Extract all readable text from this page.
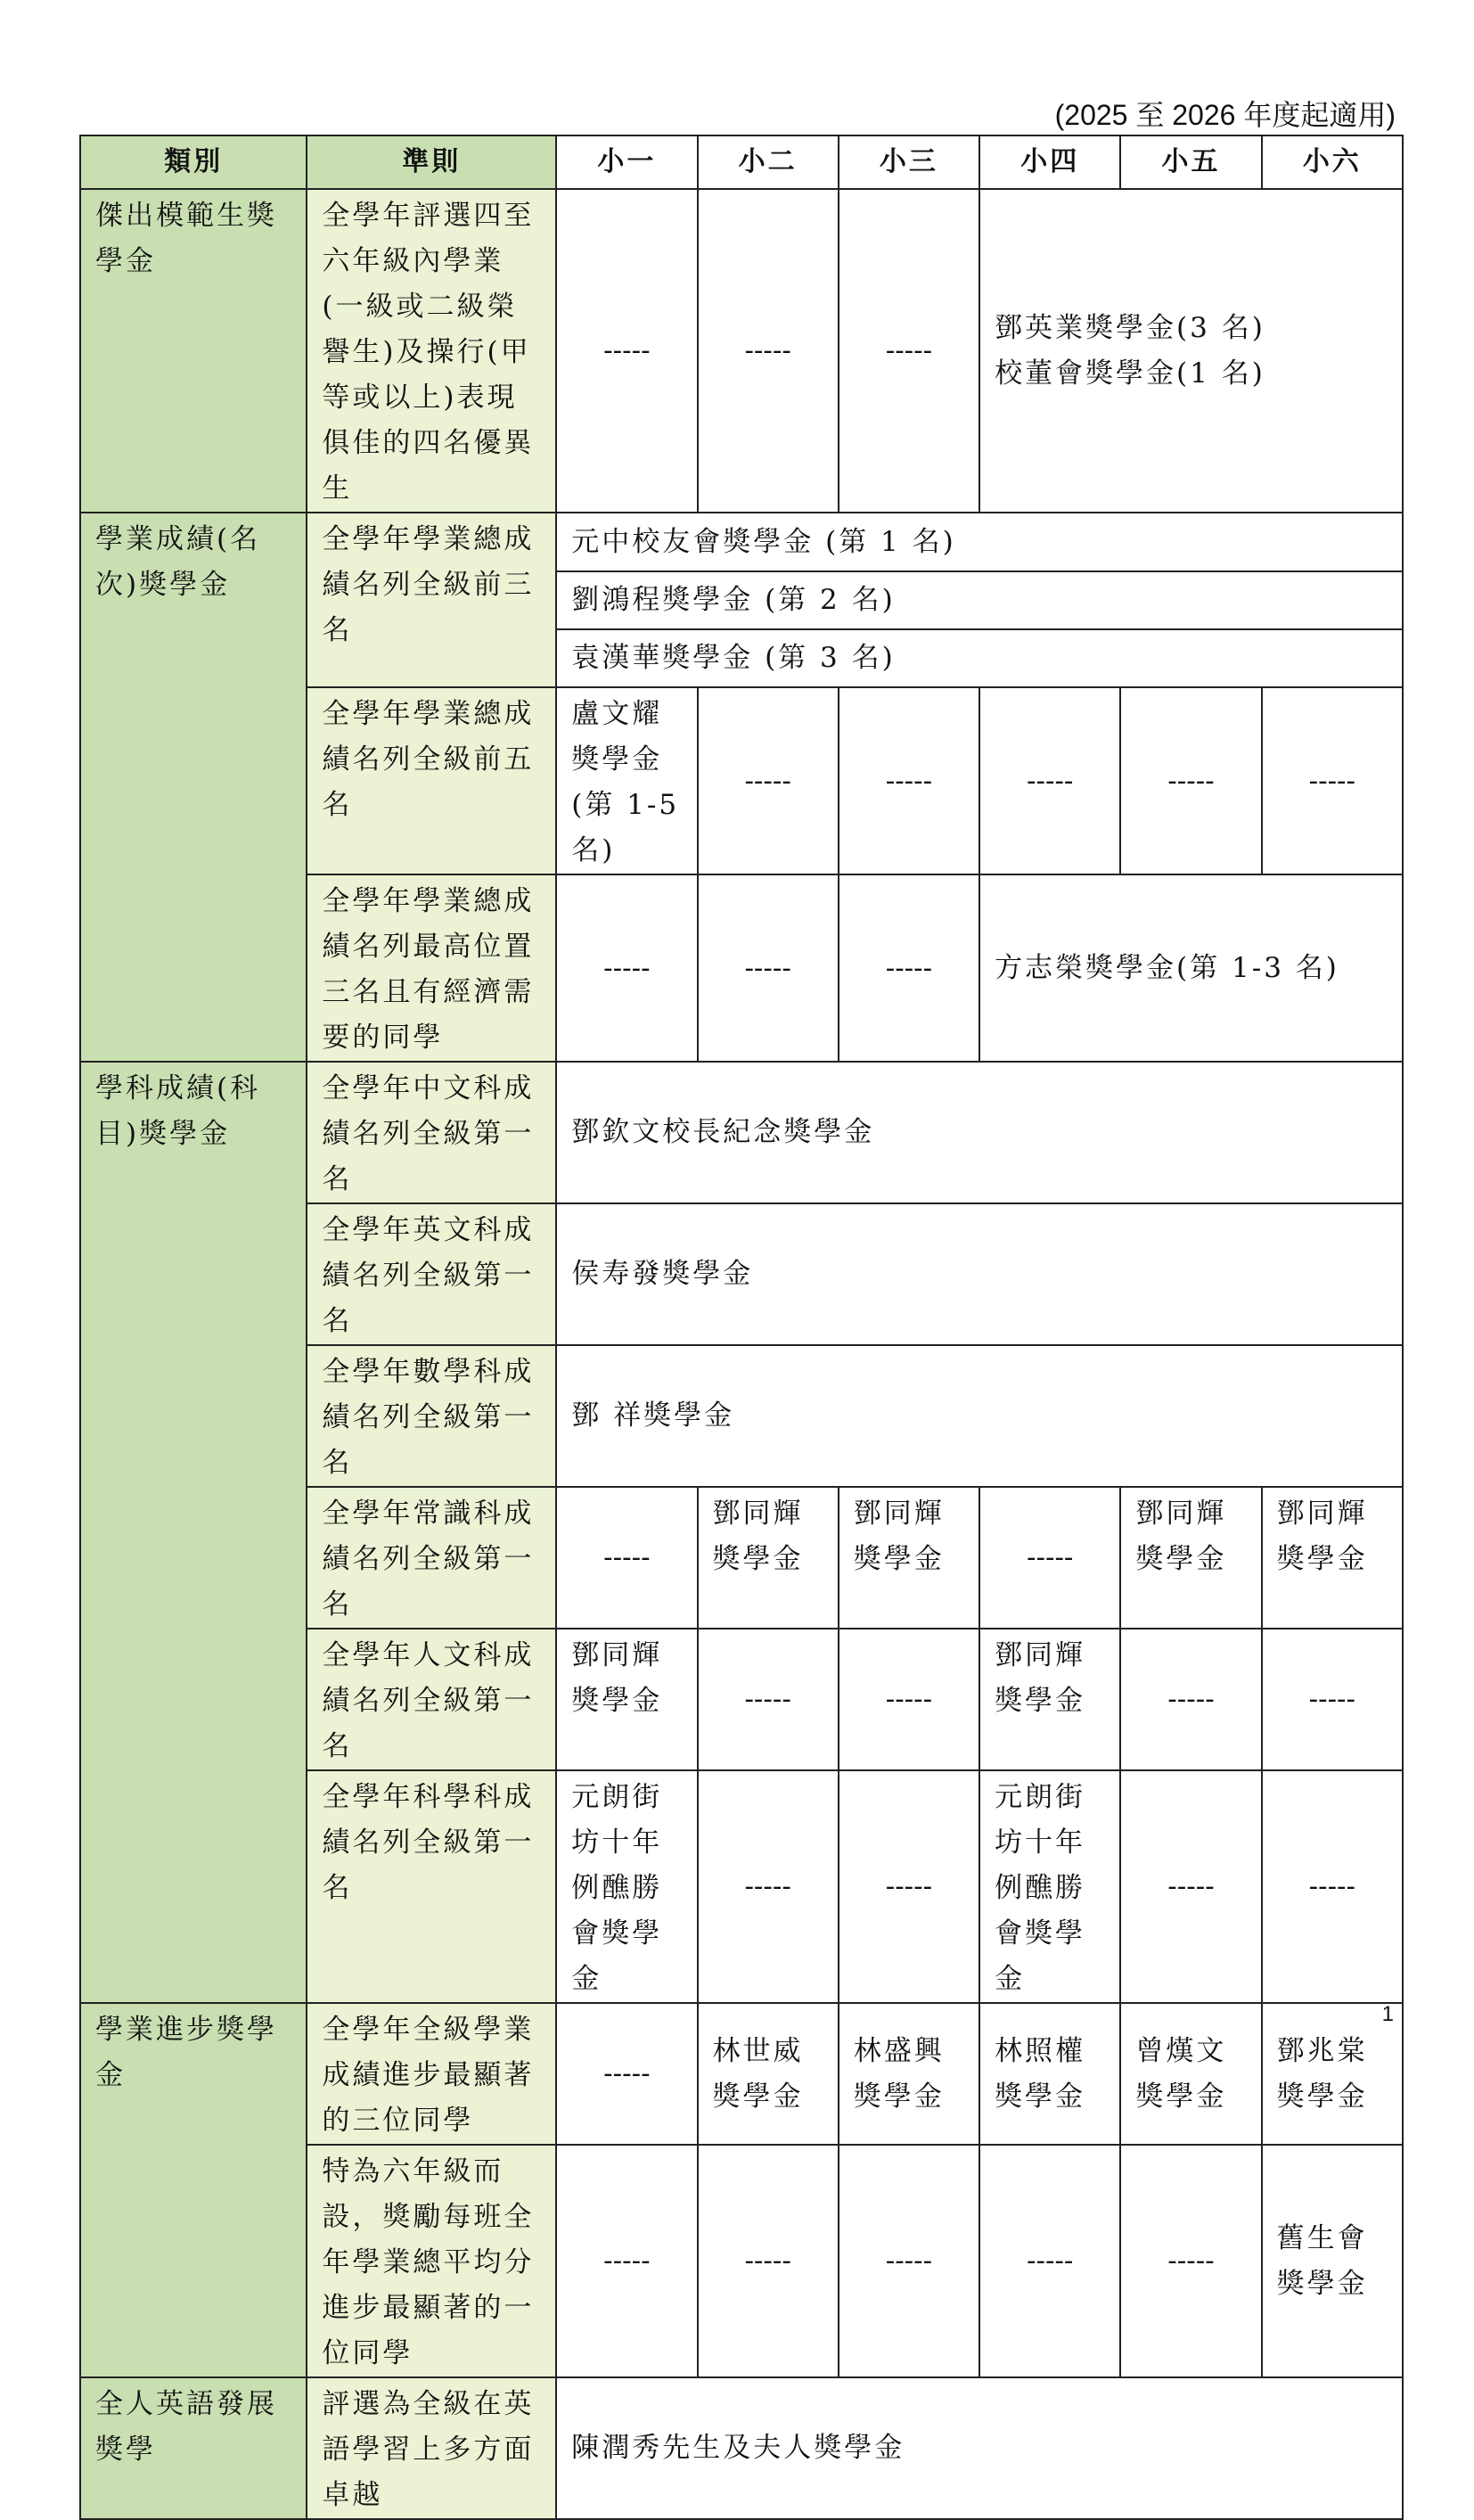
(2025 至 2026 年度起適用)
類別	準則	小一	小二	小三	小四	小五	小六
傑出模範生獎學金	全學年評選四至六年級內學業(一級或二級榮譽生)及操行(甲等或以上)表現俱佳的四名優異生	-----	-----	-----	鄧英業獎學金(3 名)
校董會獎學金(1 名)		

學業成績(名次)獎學金	全學年學業總成績名列全級前三名	元中校友會獎學金 (第 1 名)					
		劉鴻程獎學金 (第 2 名)					
		袁漢華獎學金 (第 3 名)					
	全學年學業總成績名列全級前五名	盧文耀獎學金(第 1-5 名)	-----	-----	-----	-----	-----
	全學年學業總成績名列最高位置三名且有經濟需要的同學	-----	-----	-----	方志榮獎學金(第 1-3 名)		
學科成績(科目)獎學金	全學年中文科成績名列全級第一名	鄧欽文校長紀念獎學金					
	全學年英文科成績名列全級第一名	侯寿發獎學金					
	全學年數學科成績名列全級第一名	鄧 祥獎學金					
	全學年常識科成績名列全級第一名	-----	鄧同輝獎學金	鄧同輝獎學金	-----	鄧同輝獎學金	鄧同輝獎學金
	全學年人文科成績名列全級第一名	鄧同輝獎學金	-----	-----	鄧同輝獎學金	-----	-----
	全學年科學科成績名列全級第一名	元朗街坊十年例醮勝會獎學金	-----	-----	元朗街坊十年例醮勝會獎學金	-----	-----
學業進步獎學金	全學年全級學業成績進步最顯著的三位同學	-----	林世威獎學金	林盛興獎學金	林照權獎學金	曾熯文獎學金	鄧兆棠獎學金
	特為六年級而設，獎勵每班全年學業總平均分進步最顯著的一位同學	-----	-----	-----	-----	-----	舊生會獎學金
全人英語發展獎學	評選為全級在英語學習上多方面卓越	陳潤秀先生及夫人獎學金					
1
